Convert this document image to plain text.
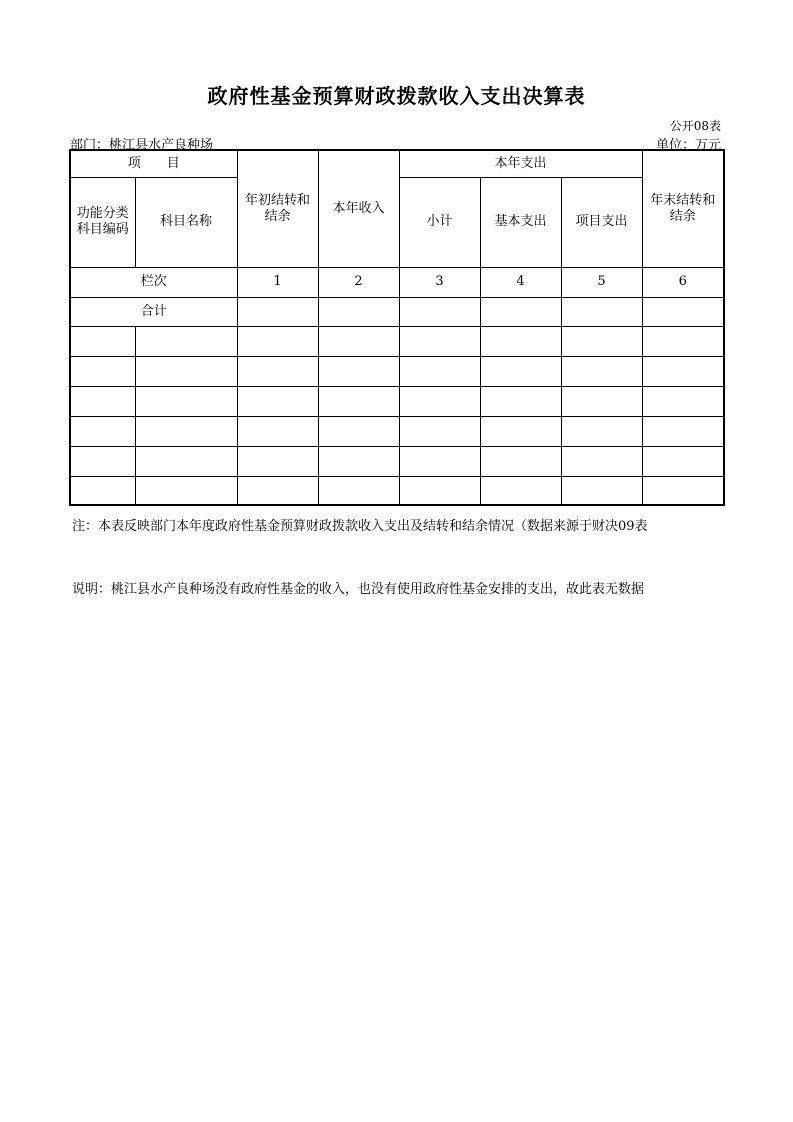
政府性基金预算财政拨款收入支出决算表
公开08表
部门：桃江县水产良种场	单位：万元
项　　目		年初结转和结余	本年收入	本年支出			年末结转和结余
功能分类科目编码	科目名称			小计	基本支出	项目支出	

栏次		1	2	3	4	5	6
合计							

注：本表反映部门本年度政府性基金预算财政拨款收入支出及结转和结余情况（数据来源于财决09表
说明：桃江县水产良种场没有政府性基金的收入，也没有使用政府性基金安排的支出，故此表无数据
